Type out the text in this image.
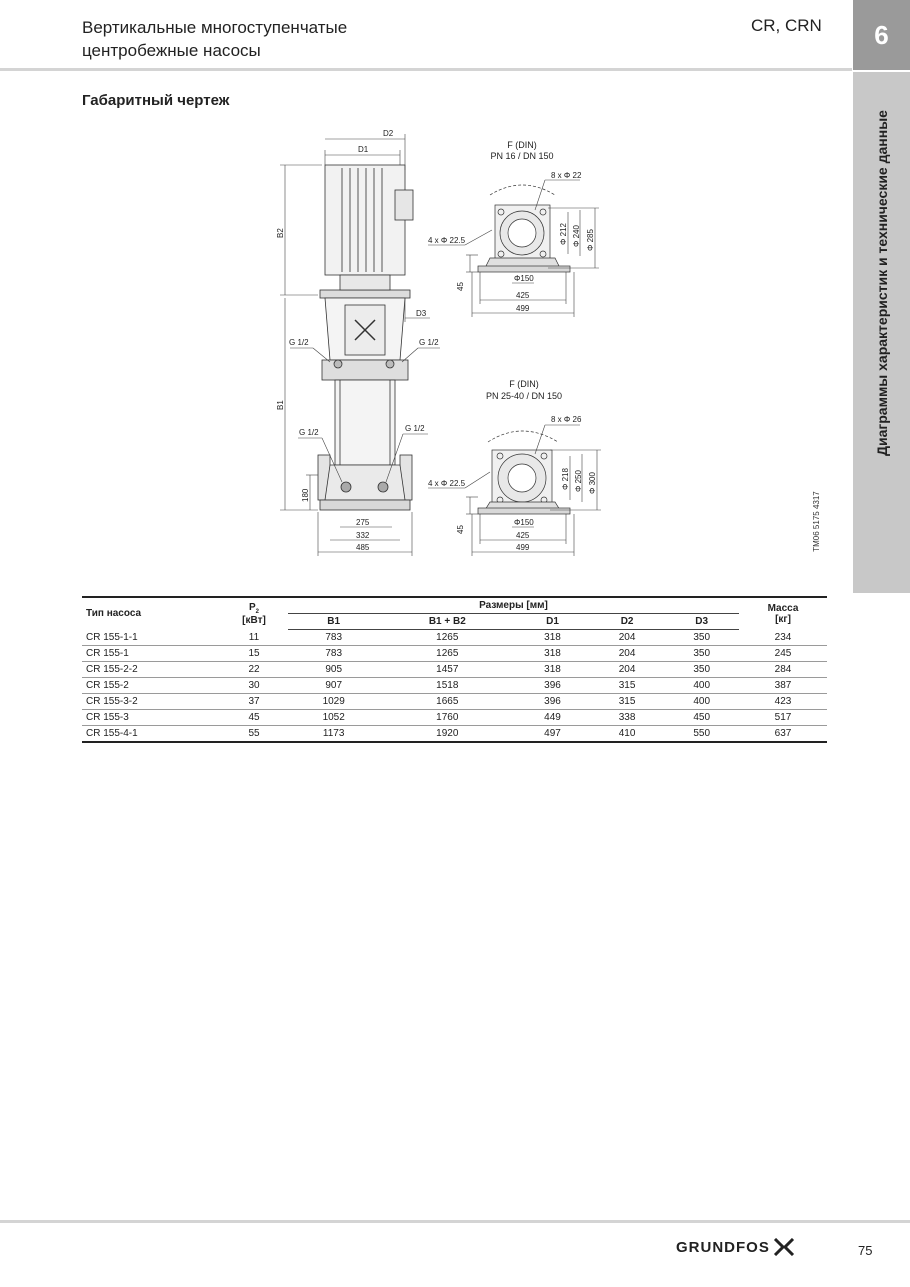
Вертикальные многоступенчатые
центробежные насосы
CR, CRN	6
Диаграммы характеристик и технические данные
Габаритный чертеж
D2
D1
D3
B2
B1
G 1/2	G 1/2
G 1/2	G 1/2
180
275
332
485
F (DIN)
PN 16 / DN 150
8 x Φ 22
4 x Φ 22.5	Φ 212 Φ 240 Φ 285
Φ150
425
499
45
F (DIN)
PN 25-40 / DN 150
8 x Φ 26
4 x Φ 22.5	Φ 218 Φ 250 Φ 300
Φ150
425
499
45	TM06 5175 4317
Тип насоса	$P_2$
[кВт]	Размеры [мм]					Масса
[кг]
		B1	B1 + B2	D1	D2	D3	
CR 155-1-1	11	783	1265	318	204	350	234
CR 155-1	15	783	1265	318	204	350	245
CR 155-2-2	22	905	1457	318	204	350	284
CR 155-2	30	907	1518	396	315	400	387
CR 155-3-2	37	1029	1665	396	315	400	423
CR 155-3	45	1052	1760	449	338	450	517
CR 155-4-1	55	1173	1920	497	410	550	637
GRUNDFOS	75
